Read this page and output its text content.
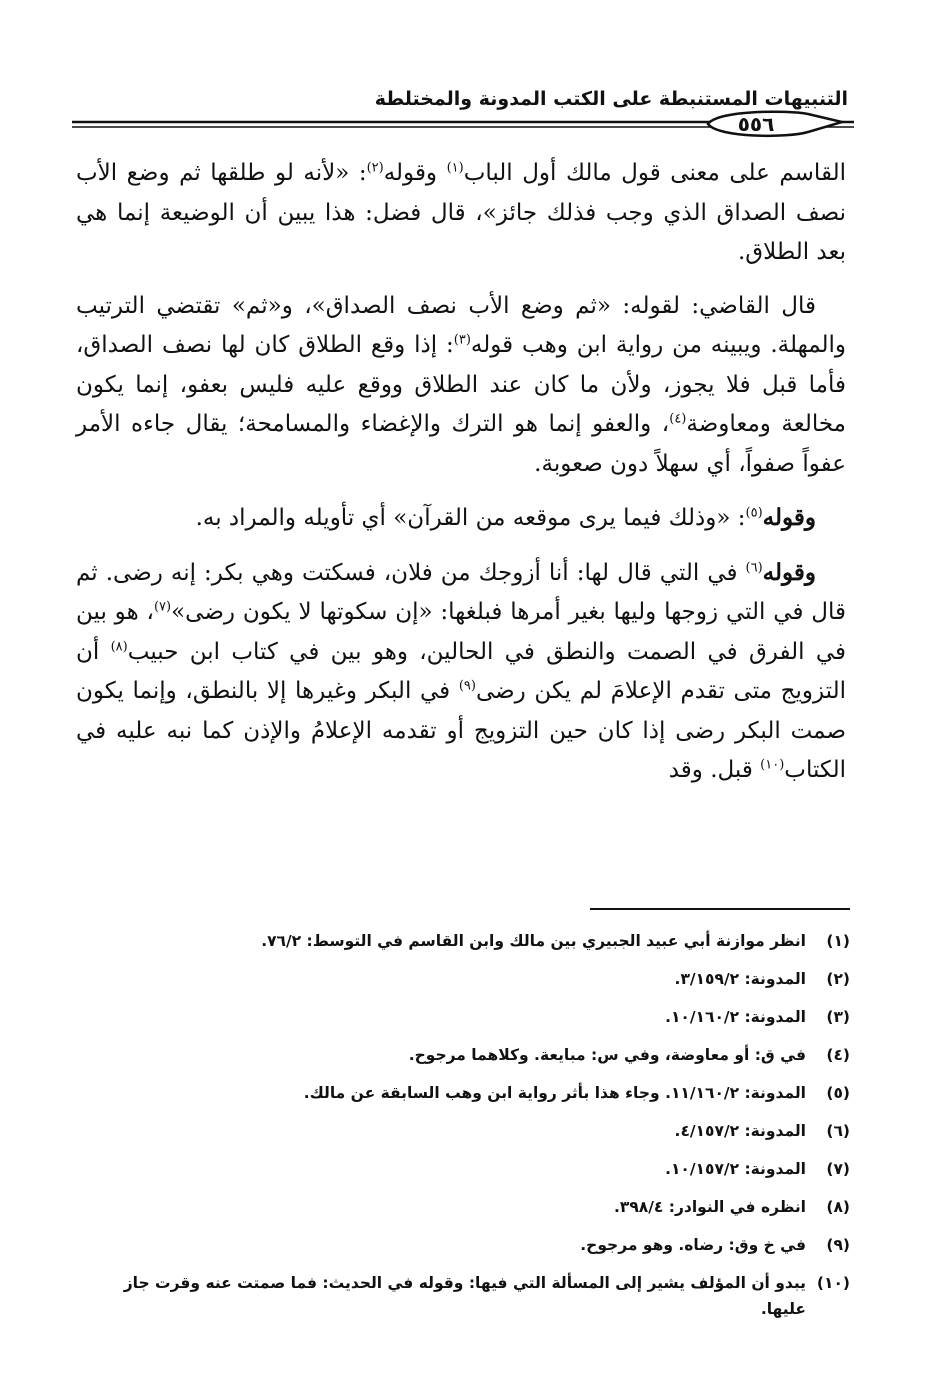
التنبيهات المستنبطة على الكتب المدونة والمختلطة
٥٥٦

القاسم على معنى قول مالك أول الباب$^{(١)}$ وقوله$^{(٢)}$: «لأنه لو طلقها ثم وضع الأب نصف الصداق الذي وجب فذلك جائز»، قال فضل: هذا يبين أن الوضيعة إنما هي بعد الطلاق.

قال القاضي: لقوله: «ثم وضع الأب نصف الصداق»، و«ثم» تقتضي الترتيب والمهلة. ويبينه من رواية ابن وهب قوله$^{(٣)}$: إذا وقع الطلاق كان لها نصف الصداق، فأما قبل فلا يجوز، ولأن ما كان عند الطلاق ووقع عليه فليس بعفو، إنما يكون مخالعة ومعاوضة$^{(٤)}$، والعفو إنما هو الترك والإغضاء والمسامحة؛ يقال جاءه الأمر عفواً صفواً، أي سهلاً دون صعوبة.

وقوله$^{(٥)}$: «وذلك فيما يرى موقعه من القرآن» أي تأويله والمراد به.

وقوله$^{(٦)}$ في التي قال لها: أنا أزوجك من فلان، فسكتت وهي بكر: إنه رضى. ثم قال في التي زوجها وليها بغير أمرها فبلغها: «إن سكوتها لا يكون رضى»$^{(٧)}$، هو بين في الفرق في الصمت والنطق في الحالين، وهو بين في كتاب ابن حبيب$^{(٨)}$ أن التزويج متى تقدم الإعلامَ لم يكن رضى$^{(٩)}$ في البكر وغيرها إلا بالنطق، وإنما يكون صمت البكر رضى إذا كان حين التزويج أو تقدمه الإعلامُ والإذن كما نبه عليه في الكتاب$^{(١٠)}$ قبل. وقد

(١)
انظر موازنة أبي عبيد الجبيري بين مالك وابن القاسم في التوسط: ٧٦/٢.
(٢)
المدونة: ٣/١٥٩/٢.
(٣)
المدونة: ١٠/١٦٠/٢.
(٤)
في ق: أو معاوضة، وفي س: مبايعة. وكلاهما مرجوح.
(٥)
المدونة: ١١/١٦٠/٢. وجاء هذا بأثر رواية ابن وهب السابقة عن مالك.
(٦)
المدونة: ٤/١٥٧/٢.
(٧)
المدونة: ١٠/١٥٧/٢.
(٨)
انظره في النوادر: ٣٩٨/٤.
(٩)
في خ وق: رضاه. وهو مرجوح.
(١٠)
يبدو أن المؤلف يشير إلى المسألة التي فيها: وقوله في الحديث: فما صمتت عنه وقرت جاز عليها.
